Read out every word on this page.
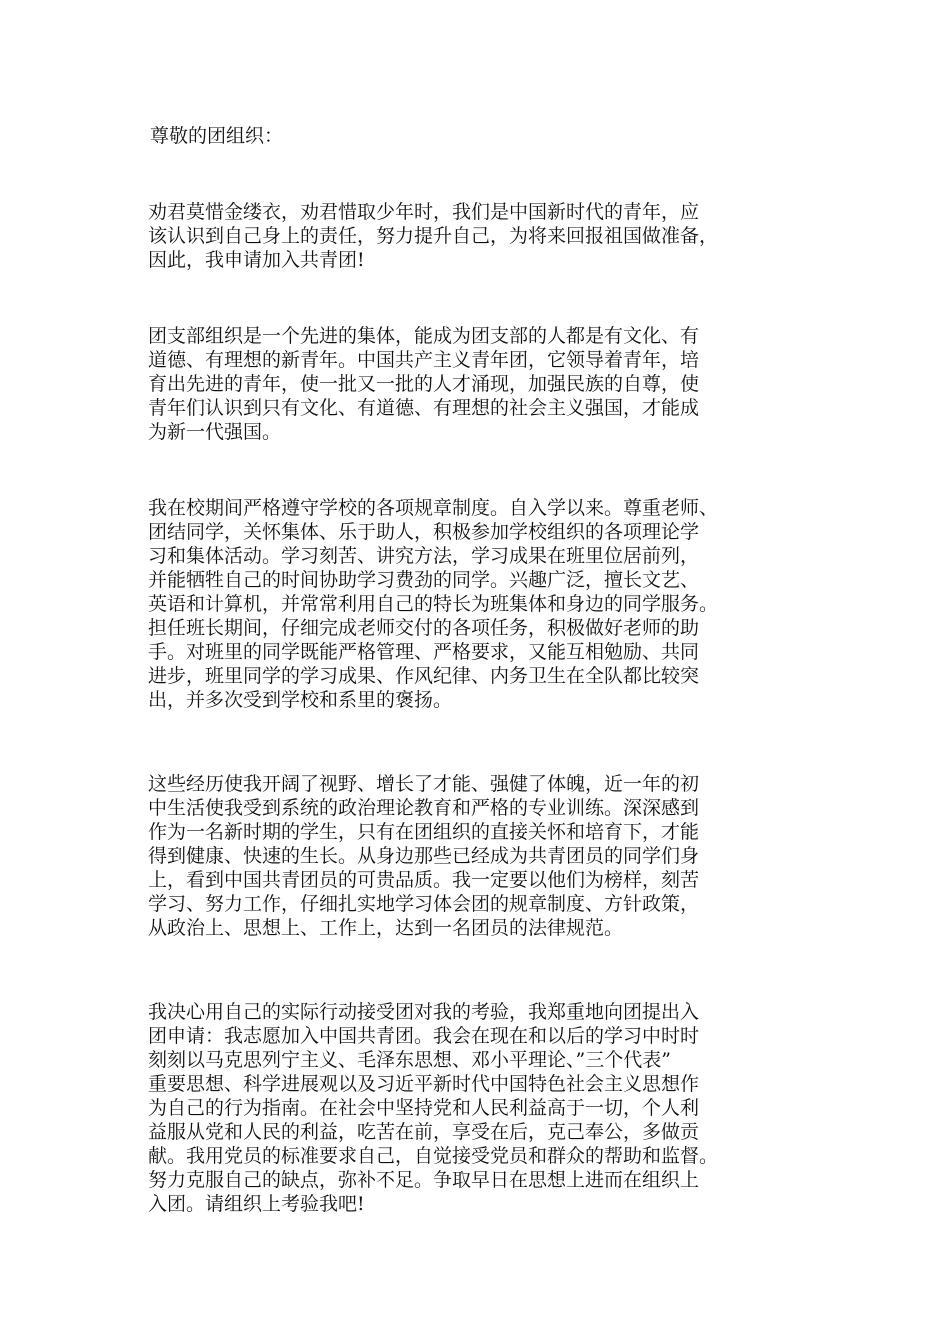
尊敬的团组织：

劝君莫惜金缕衣，劝君惜取少年时，我们是中国新时代的青年，应
该认识到自己身上的责任，努力提升自己，为将来回报祖国做准备，
因此，我申请加入共青团!

团支部组织是一个先进的集体，能成为团支部的人都是有文化、有
道德、有理想的新青年。中国共产主义青年团，它领导着青年，培
育出先进的青年，使一批又一批的人才涌现，加强民族的自尊，使
青年们认识到只有文化、有道德、有理想的社会主义强国，才能成
为新一代强国。

我在校期间严格遵守学校的各项规章制度。自入学以来。尊重老师、
团结同学，关怀集体、乐于助人，积极参加学校组织的各项理论学
习和集体活动。学习刻苦、讲究方法，学习成果在班里位居前列，
并能牺牲自己的时间协助学习费劲的同学。兴趣广泛，擅长文艺、
英语和计算机，并常常利用自己的特长为班集体和身边的同学服务。
担任班长期间，仔细完成老师交付的各项任务，积极做好老师的助
手。对班里的同学既能严格管理、严格要求，又能互相勉励、共同
进步，班里同学的学习成果、作风纪律、内务卫生在全队都比较突
出，并多次受到学校和系里的褒扬。

这些经历使我开阔了视野、增长了才能、强健了体魄，近一年的初
中生活使我受到系统的政治理论教育和严格的专业训练。深深感到
作为一名新时期的学生，只有在团组织的直接关怀和培育下，才能
得到健康、快速的生长。从身边那些已经成为共青团员的同学们身
上，看到中国共青团员的可贵品质。我一定要以他们为榜样，刻苦
学习、努力工作，仔细扎实地学习体会团的规章制度、方针政策，
从政治上、思想上、工作上，达到一名团员的法律规范。

我决心用自己的实际行动接受团对我的考验，我郑重地向团提出入
团申请：我志愿加入中国共青团。我会在现在和以后的学习中时时
刻刻以马克思列宁主义、毛泽东思想、邓小平理论、”三个代表”
重要思想、科学进展观以及习近平新时代中国特色社会主义思想作
为自己的行为指南。在社会中坚持党和人民利益高于一切，个人利
益服从党和人民的利益，吃苦在前，享受在后，克己奉公，多做贡
献。我用党员的标准要求自己，自觉接受党员和群众的帮助和监督。
努力克服自己的缺点，弥补不足。争取早日在思想上进而在组织上
入团。请组织上考验我吧!
